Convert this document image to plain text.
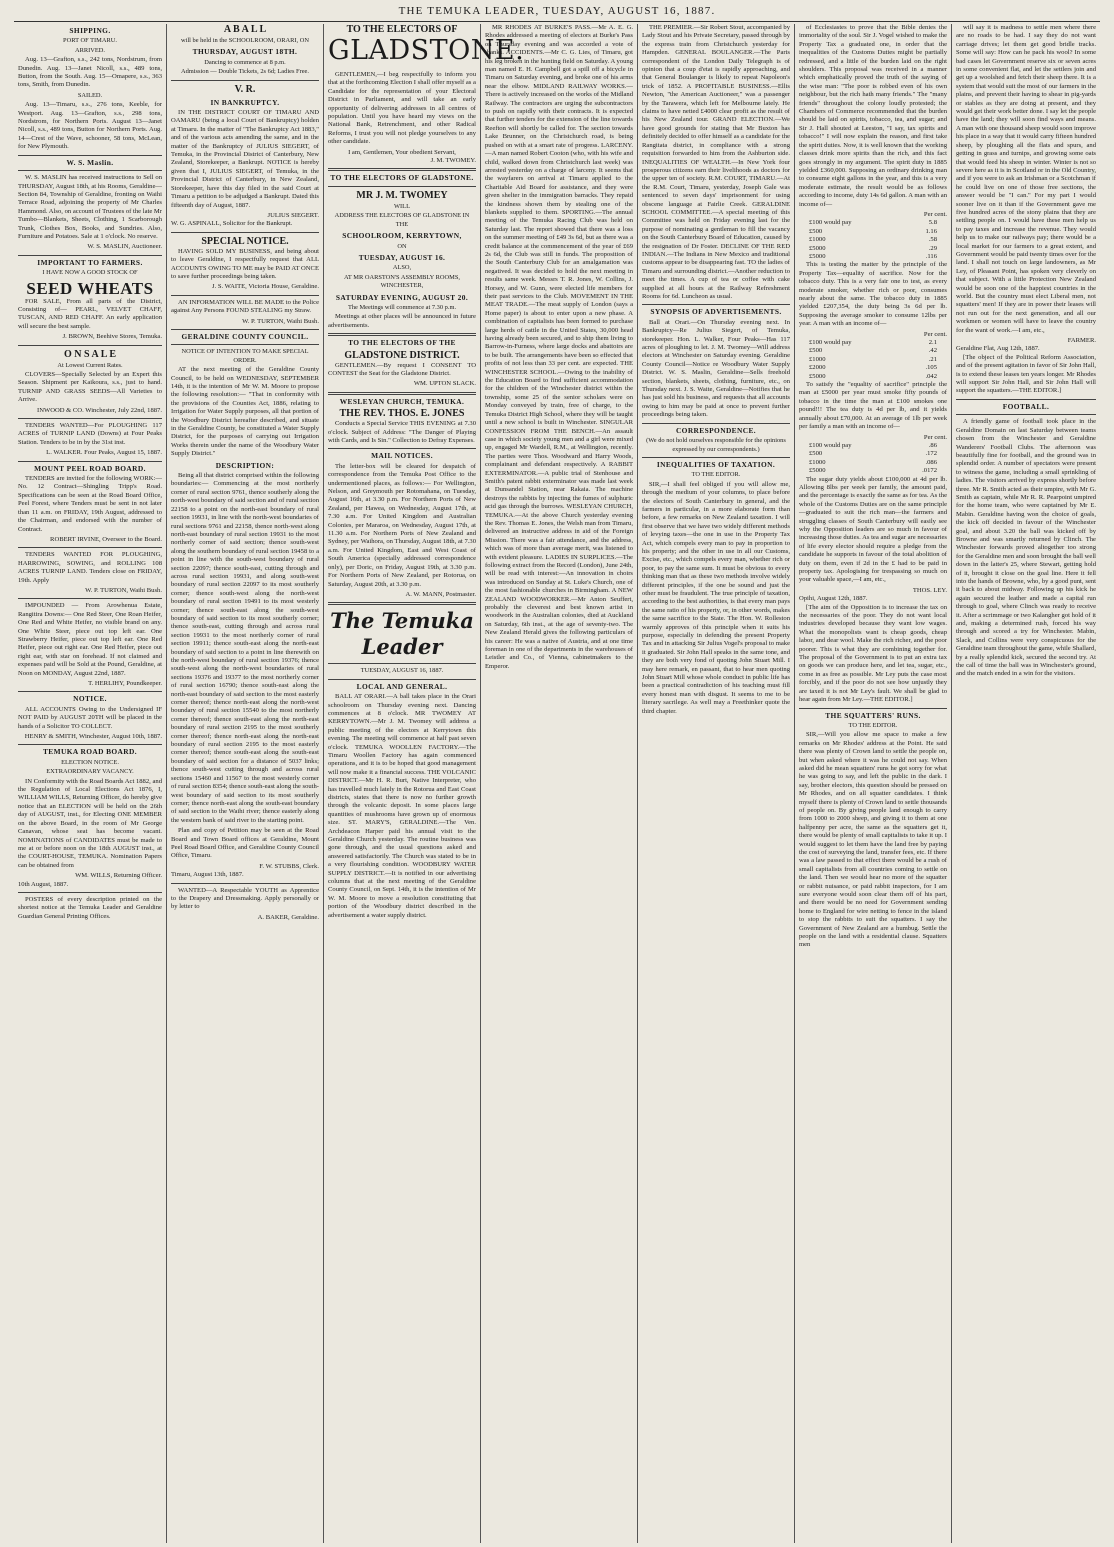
THE TEMUKA LEADER, TUESDAY, AUGUST 16, 1887.
SHIPPING.
PORT OF TIMARU.
ARRIVED.

Aug. 13—Grafton, s.s., 242 tons, Nordstrum, from Dunedin. Aug. 13—Janet Nicoll, s.s., 489 tons, Button, from the South. Aug. 15—Omapere, s.s., 363 tons, Smith, from Dunedin.

SAILED.

Aug. 13—Timaru, s.s., 276 tons, Keeble, for Westport. Aug. 13—Grafton, s.s., 298 tons, Nordstrom, for Northern Ports. August 13—Janet Nicoll, s.s., 489 tons, Button for Northern Ports. Aug. 14—Crest of the Wave, schooner, 58 tons, McLean, for New Plymouth.

W. S. Maslin.

W. S. MASLIN has received instructions to Sell on THURSDAY, August 18th, at his Rooms, Geraldine—Section 84, Township of Geraldine, fronting on Waihi Terrace Road, adjoining the property of Mr Charles Hammond. Also, on account of Trustees of the late Mr Tumbo—Blankets, Sheets, Clothing, 1 Scarborough Trunk, Clothes Box, Books, and Sundries. Also, Furniture and Potatoes. Sale at 1 o'clock. No reserve.

W. S. MASLIN, Auctioneer.
IMPORTANT TO FARMERS.
I HAVE NOW A GOOD STOCK OF
SEED WHEATS

FOR SALE, From all parts of the District, Consisting of— PEARL, VELVET CHAFF, TUSCAN, AND RED CHAFF. An early application will secure the best sample.

J. BROWN, Beehive Stores, Temuka.
O N S A L E
At Lowest Current Rates.

CLOVERS—Specially Selected by an Expert this Season. Shipment per Kaikoura, s.s., just to hand. TURNIP AND GRASS SEEDS—All Varieties to Arrive.

INWOOD & CO. Winchester, July 22nd, 1887.

TENDERS WANTED—For PLOUGHING 117 ACRES of TURNIP LAND (Downs) at Four Peaks Station. Tenders to be in by the 31st inst.

L. WALKER. Four Peaks, August 15, 1887.
MOUNT PEEL ROAD BOARD.

TENDERS are invited for the following WORK:— No. 12 Contract—Shingling Tripp's Road. Specifications can be seen at the Road Board Office, Peel Forest, where Tenders must be sent in not later than 11 a.m. on FRIDAY, 19th August, addressed to the Chairman, and endorsed with the number of Contract.

ROBERT IRVINE, Overseer to the Board.

TENDERS WANTED FOR PLOUGHING, HARROWING, SOWING, and ROLLING 108 ACRES TURNIP LAND. Tenders close on FRIDAY, 19th. Apply

W. P. TURTON, Waihi Bush.

IMPOUNDED — From Arowhenua Estate, Rangitira Downs:— One Red Steer, One Roan Heifer, One Red and White Heifer, no visible brand on any. One White Steer, piece out top left ear. One Strawberry Heifer, piece out top left ear. One Red Heifer, piece out right ear. One Red Heifer, piece out right ear, with star on forehead. If not claimed and expenses paid will be Sold at the Pound, Geraldine, at Noon on MONDAY, August 22nd, 1887.

T. HERLIHY, Poundkeeper.
NOTICE.

ALL ACCOUNTS Owing to the Undersigned IF NOT PAID by AUGUST 20TH will be placed in the hands of a Solicitor TO COLLECT.

HENRY & SMITH, Winchester, August 10th, 1887.
TEMUKA ROAD BOARD.
ELECTION NOTICE.
EXTRAORDINARY VACANCY.

IN Conformity with the Road Boards Act 1882, and the Regulation of Local Elections Act 1876, I, WILLIAM WILLS, Returning Officer, do hereby give notice that an ELECTION will be held on the 26th day of AUGUST, inst., for Electing ONE MEMBER on the above Board, in the room of Mr George Canavan, whose seat has become vacant. NOMINATIONS of CANDIDATES must be made to me at or before noon on the 18th AUGUST inst., at the COURT-HOUSE, TEMUKA. Nomination Papers can be obtained from

WM. WILLS, Returning Officer.
10th August, 1887.

POSTERS of every description printed on the shortest notice at the Temuka Leader and Geraldine Guardian General Printing Offices.

A B A L L
will be held in the SCHOOLROOM, ORARI, ON
THURSDAY, AUGUST 18TH.
Dancing to commence at 8 p.m.
Admission — Double Tickets, 2s 6d; Ladies Free.
V. R.
IN BANKRUPTCY.

IN THE DISTRICT COURT OF TIMARU AND OAMARU (being a local Court of Bankruptcy) holden at Timaru. In the matter of "The Bankruptcy Act 1883," and of the various acts amending the same, and in the matter of the Bankruptcy of JULIUS SIEGERT, of Temuka, in the Provincial District of Canterbury, New Zealand, Storekeeper, a Bankrupt. NOTICE is hereby given that I, JULIUS SIEGERT, of Temuka, in the Provincial District of Canterbury, in New Zealand, Storekeeper, have this day filed in the said Court at Timaru a petition to be adjudged a Bankrupt. Dated this fifteenth day of August, 1887.

JULIUS SIEGERT.
W. G. ASPINALL, Solicitor for the Bankrupt.
SPECIAL NOTICE.

HAVING SOLD MY BUSINESS, and being about to leave Geraldine, I respectfully request that ALL ACCOUNTS OWING TO ME may be PAID AT ONCE to save further proceedings being taken.

J. S. WAITE, Victoria House, Geraldine.

AN INFORMATION WILL BE MADE to the Police against Any Persons FOUND STEALING my Straw.

W. P. TURTON, Waihi Bush.
GERALDINE COUNTY COUNCIL.
NOTICE OF INTENTION TO MAKE SPECIAL ORDER.

AT the next meeting of the Geraldine County Council, to be held on WEDNESDAY, SEPTEMBER 14th, it is the intention of Mr W. M. Moore to propose the following resolution:— "That in conformity with the provisions of the Counties Act, 1886, relating to Irrigation for Water Supply purposes, all that portion of the Woodbury District hereafter described, and situate in the Geraldine County, be constituted a Water Supply District, for the purposes of carrying out Irrigation Works therein under the name of the Woodbury Water Supply District."

DESCRIPTION:

Being all that district comprised within the following boundaries:— Commencing at the most northerly corner of rural section 9761, thence southerly along the north-west boundary of said section and of rural section 22158 to a point on the north-east boundary of rural section 19931, in line with the north-west boundaries of rural sections 9761 and 22158, thence north-west along north-east boundary of rural section 19931 to the most northerly corner of said section; thence south-west along the southern boundary of rural section 19458 to a point in line with the south-west boundary of rural section 22097; thence south-east, cutting through and across rural section 19931, and along south-west boundary of rural section 22097 to its most southerly corner; thence south-west along the north-west boundary of rural section 19491 to its most westerly corner; thence south-east along the south-west boundary of said section to its most southerly corner; thence south-east, cutting through and across rural section 19931 to the most northerly corner of rural section 19911; thence south-east along the north-east boundary of said section to a point in line therewith on the north-west boundary of rural section 19376; thence south-west along the north-west boundaries of rural sections 19376 and 19377 to the most northerly corner of rural section 16790; thence south-east along the north-east boundary of said section to the most easterly corner thereof; thence north-east along the north-west boundary of rural section 15540 to the most northerly corner thereof; thence south-east along the north-east boundary of rural section 2195 to the most southerly corner thereof; thence north-east along the north-east boundary of rural section 2195 to the most easterly corner thereof; thence south-east along the south-east boundary of said section for a distance of 5037 links; thence south-west cutting through and across rural sections 15460 and 11567 to the most westerly corner of rural section 8354; thence south-east along the south-west boundary of said section to its most southerly corner; thence north-east along the south-east boundary of said section to the Waihi river; thence easterly along the western bank of said river to the starting point.

Plan and copy of Petition may be seen at the Road Board and Town Board offices at Geraldine, Mount Peel Road Board Office, and Geraldine County Council Office, Timaru.

F. W. STUBBS, Clerk.
Timaru, August 13th, 1887.

WANTED—A Respectable YOUTH as Apprentice to the Drapery and Dressmaking. Apply personally or by letter to

A. BAKER, Geraldine.
TO THE ELECTORS OF
GLADSTONE.

GENTLEMEN,—I beg respectfully to inform you that at the forthcoming Election I shall offer myself as a Candidate for the representation of your Electoral District in Parliament, and will take an early opportunity of delivering addresses in all centres of population. Until you have heard my views on the National Bank, Retrenchment, and other Radical Reforms, I trust you will not pledge yourselves to any other candidate.

I am, Gentlemen, Your obedient Servant,
J. M. TWOMEY.
TO THE ELECTORS OF GLADSTONE.
MR J. M. TWOMEY
WILL
ADDRESS THE ELECTORS OF GLADSTONE IN THE
SCHOOLROOM, KERRYTOWN,
ON
TUESDAY, AUGUST 16.
ALSO,
AT MR OARSTON'S ASSEMBLY ROOMS, WINCHESTER,
SATURDAY EVENING, AUGUST 20.
The Meetings will commence at 7.30 p.m.

Meetings at other places will be announced in future advertisements.

TO THE ELECTORS OF THE
GLADSTONE DISTRICT.

GENTLEMEN.—By request I CONSENT TO CONTEST the Seat for the Gladstone District.

WM. UPTON SLACK.
WESLEYAN CHURCH, TEMUKA.
THE REV. THOS. E. JONES

Conducts a Special Service THIS EVENING at 7.30 o'clock. Subject of Address: "The Danger of Playing with Cards, and Is Sin." Collection to Defray Expenses.

MAIL NOTICES.

The letter-box will be cleared for despatch of correspondence from the Temuka Post Office to the undermentioned places, as follows:— For Wellington, Nelson, and Greymouth per Rotomahana, on Tuesday, August 16th, at 3.30 p.m. For Northern Ports of New Zealand, per Hawea, on Wednesday, August 17th, at 7.30 a.m. For United Kingdom and Australian Colonies, per Mararoa, on Wednesday, August 17th, at 11.30 a.m. For Northern Ports of New Zealand and Sydney, per Waihora, on Thursday, August 18th, at 7.30 a.m. For United Kingdom, East and West Coast of South America (specially addressed correspondence only), per Doric, on Friday, August 19th, at 3.30 p.m. For Northern Ports of New Zealand, per Rotorua, on Saturday, August 20th, at 3.30 p.m.

A. W. MANN, Postmaster.
The Temuka Leader
TUESDAY, AUGUST 16, 1887.
LOCAL AND GENERAL.

BALL AT ORARI.—A ball takes place in the Orari schoolroom on Thursday evening next. Dancing commences at 8 o'clock. MR TWOMEY AT KERRYTOWN.—Mr J. M. Twomey will address a public meeting of the electors at Kerrytown this evening. The meeting will commence at half past seven o'clock. TEMUKA WOOLLEN FACTORY.—The Timaru Woollen Factory has again commenced operations, and it is to be hoped that good management will now make it a financial success. THE VOLCANIC DISTRICT.—Mr H. R. Burt, Native Interpreter, who has travelled much lately in the Rotorua and East Coast districts, states that there is now no further growth through the volcanic deposit. In some places large quantities of mushrooms have grown up of enormous size. ST. MARY'S, GERALDINE.—The Ven. Archdeacon Harper paid his annual visit to the Geraldine Church yesterday. The routine business was gone through, and the usual questions asked and answered satisfactorily. The Church was stated to be in a very flourishing condition. WOODBURY WATER SUPPLY DISTRICT.—It is notified in our advertising columns that at the next meeting of the Geraldine County Council, on Sept. 14th, it is the intention of Mr W. M. Moore to move a resolution constituting that portion of the Woodbury district described in the advertisement a water supply district.

MR RHODES AT BURKE'S PASS.—Mr A. E. G. Rhodes addressed a meeting of electors at Burke's Pass on Thursday evening and was accorded a vote of thanks. ACCIDENTS.—Mr C. G. Lies, of Timaru, got his leg broken in the hunting field on Saturday. A young man named E. H. Campbell got a spill off a bicycle in Timaru on Saturday evening, and broke one of his arms near the elbow. MIDLAND RAILWAY WORKS.—There is actively increased on the works of the Midland Railway. The contractors are urging the subcontractors to push on rapidly with their contracts. It is expected that further tenders for the extension of the line towards Reefton will shortly be called for. The section towards Lake Brunner, on the Christchurch road, is being pushed on with at a smart rate of progress. LARCENY.—A man named Robert Cooton (who, with his wife and child, walked down from Christchurch last week) was arrested yesterday on a charge of larceny. It seems that the wayfarers on arrival at Timaru applied to the Charitable Aid Board for assistance, and they were given shelter in the immigration barracks. They repaid the kindness shown them by stealing one of the blankets supplied to them. SPORTING.—The annual meeting of the Temuka Racing Club was held on Saturday last. The report showed that there was a loss on the summer meeting of £49 3s 6d, but as there was a credit balance at the commencement of the year of £69 2s 6d, the Club was still in funds. The proposition of the South Canterbury Club for an amalgamation was negatived. It was decided to hold the next meeting in results same week. Messrs T. R. Jones, W. Collins, J. Horsey, and W. Gunn, were elected life members for their past services to the Club. MOVEMENT IN THE MEAT TRADE.—The meat supply of London (says a Home paper) is about to enter upon a new phase. A combination of capitalists has been formed to purchase large herds of cattle in the United States, 30,000 head having already been secured, and to ship them living to Barrow-in-Furness, where large docks and abattoirs are to be built. The arrangements have been so effected that profits of not less than 33 per cent. are expected. THE WINCHESTER SCHOOL.—Owing to the inability of the Education Board to find sufficient accommodation for the children of the Winchester district within the township, some 25 of the senior scholars were on Monday conveyed by train, free of charge, to the Temuka District High School, where they will be taught until a new school is built in Winchester. SINGULAR CONFESSION FROM THE BENCH.—An assault case in which society young men and a girl were mixed up, engaged Mr Wardell, R.M., at Wellington, recently. The parties were Thos. Woodward and Harry Woods, complainant and defendant respectively. A RABBIT EXTERMINATOR.—A public trial of Stenhouse and Smith's patent rabbit exterminator was made last week at Dunsandel Station, near Rakaia. The machine destroys the rabbits by injecting the fumes of sulphuric acid gas through the burrows. WESLEYAN CHURCH, TEMUKA.—At the above Church yesterday evening the Rev. Thomas E. Jones, the Welsh man from Timaru, delivered an instructive address in aid of the Foreign Mission. There was a fair attendance, and the address, which was of more than average merit, was listened to with evident pleasure. LADIES IN SURPLICES.—The following extract from the Record (London), June 24th, will be read with interest:—An innovation in choirs was introduced on Sunday at St. Luke's Church, one of the most fashionable churches in Birmingham. A NEW ZEALAND WOODWORKER.—Mr Anton Seuffert, probably the cleverest and best known artist in woodwork in the Australian colonies, died at Auckland on Saturday, 6th inst., at the age of seventy-two. The New Zealand Herald gives the following particulars of his career: He was a native of Austria, and at one time foreman in one of the departments in the warehouses of Leistler and Co., of Vienna, cabinetmakers to the Emperor.

THE PREMIER.—Sir Robert Stout, accompanied by Lady Stout and his Private Secretary, passed through by the express train from Christchurch yesterday for Hampden. GENERAL BOULANGER.—The Paris correspondent of the London Daily Telegraph is of opinion that a coup d'etat is rapidly approaching, and that General Boulanger is likely to repeat Napoleon's trick of 1852. A PROFITABLE BUSINESS.—Ellis Newton, "the American Auctioneer," was a passenger by the Tarawera, which left for Melbourne lately. He claims to have netted £4000 clear profit as the result of his New Zealand tour. GRAND ELECTION.—We have good grounds for stating that Mr Buxton has definitely decided to offer himself as a candidate for the Rangitata district, in compliance with a strong requisition forwarded to him from the Ashburton side. INEQUALITIES OF WEALTH.—In New York four prosperous citizens earn their livelihoods as doctors for the upper ten of society. R.M. COURT, TIMARU.—At the R.M. Court, Timaru, yesterday, Joseph Gale was sentenced to seven days' imprisonment for using obscene language at Fairlie Creek. GERALDINE SCHOOL COMMITTEE.—A special meeting of this Committee was held on Friday evening last for the purpose of nominating a gentleman to fill the vacancy on the South Canterbury Board of Education, caused by the resignation of Dr Foster. DECLINE OF THE RED INDIAN.—The Indians in New Mexico and traditional customs appear to be disappearing fast. TO the ladies of Timaru and surrounding district.—Another reduction to meet the times. A cup of tea or coffee with cake supplied at all hours at the Railway Refreshment Rooms for 6d. Luncheon as usual.

SYNOPSIS OF ADVERTISEMENTS.

Ball at Orari.—On Thursday evening next. In Bankruptcy—Re Julius Siegert, of Temuka, storekeeper. Hon. L. Walker, Four Peaks—Has 117 acres of ploughing to let. J. M. Twomey—Will address electors at Winchester on Saturday evening. Geraldine County Council—Notice re Woodbury Water Supply District. W. S. Maslin, Geraldine—Sells freehold section, blankets, sheets, clothing, furniture, etc., on Thursday next. J. S. Waite, Geraldine—Notifies that he has just sold his business, and requests that all accounts owing to him may be paid at once to prevent further proceedings being taken.

CORRESPONDENCE.
(We do not hold ourselves responsible for the opinions expressed by our correspondents.)
INEQUALITIES OF TAXATION.
TO THE EDITOR.

SIR,—I shall feel obliged if you will allow me, through the medium of your columns, to place before the electors of South Canterbury in general, and the farmers in particular, in a more elaborate form than before, a few remarks on New Zealand taxation. I will first observe that we have two widely different methods of levying taxes—the one in use in the Property Tax Act, which compels every man to pay in proportion to his property; and the other in use in all our Customs, Excise, etc., which compels every man, whether rich or poor, to pay the same sum. It must be obvious to every thinking man that as these two methods involve widely different principles, if the one be sound and just the other must be fraudulent. The true principle of taxation, according to the best authorities, is that every man pays the same ratio of his property, or, in other words, makes the same sacrifice to the State. The Hon. W. Rolleston warmly approves of this principle when it suits his purpose, especially in defending the present Property Tax and in attacking Sir Julius Vogel's proposal to make it graduated. Sir John Hall speaks in the same tone, and they are both very fond of quoting John Stuart Mill. I may here remark, en passant, that to hear men quoting John Stuart Mill whose whole conduct in public life has been a practical contradiction of his teaching must fill every honest man with disgust. It seems to me to be literary sacrilege. As well may a Freethinker quote the third chapter.

of Ecclesiastes to prove that the Bible denies the immortality of the soul. Sir J. Vogel wished to make the Property Tax a graduated one, in order that the inequalities of the Customs Duties might be partially redressed, and a little of the burden laid on the right shoulders. This proposal was received in a manner which emphatically proved the truth of the saying of the wise man: "The poor is robbed even of his own neighbour, but the rich hath many friends." The "many friends" throughout the colony loudly protested; the Chambers of Commerce recommended that the burden should be laid on spirits, tobacco, tea, and sugar; and Sir J. Hall shouted at Leeston, "I say, tax spirits and tobacco!" I will now explain the reason, and first take the spirit duties. Now, it is well known that the working classes drink more spirits than the rich, and this fact goes strongly in my argument. The spirit duty in 1885 yielded £360,000. Supposing an ordinary drinking man to consume eight gallons in the year, and this is a very moderate estimate, the result would be as follows according to income, duty 14s 6d gallon. A man with an income of—

Per cent.
£100 would pay	5.8
£500	1.16
£1000	.58
£5000	.29
£5000	.116

This is testing the matter by the principle of the Property Tax—equality of sacrifice. Now for the tobacco duty. This is a very fair one to test, as every moderate smoker, whether rich or poor, consumes nearly about the same. The tobacco duty in 1885 yielded £207,354, the duty being 3s 6d per lb. Supposing the average smoker to consume 12lbs per year. A man with an income of—

Per cent.
£100 would pay	2.1
£500	.42
£1000	.21
£2000	.105
£5000	.042

To satisfy the "equality of sacrifice" principle the man at £5000 per year must smoke fifty pounds of tobacco in the time the man at £100 smokes one pound!!! The tea duty is 4d per lb, and it yields annually about £70,000. At an average of 1lb per week per family a man with an income of—

Per cent.
£100 would pay	.86
£500	.172
£1000	.086
£5000	.0172

The sugar duty yields about £100,000 at 4d per lb. Allowing 8lbs per week per family, the amount paid, and the percentage is exactly the same as for tea. As the whole of the Customs Duties are on the same principle—graduated to suit the rich man—the farmers and struggling classes of South Canterbury will easily see why the Opposition leaders are so much in favour of increasing those duties. As tea and sugar are necessaries of life every elector should require a pledge from the candidate he supports in favour of the total abolition of duty on them, even if 2d in the £ had to be paid in property tax. Apologising for trespassing so much on your valuable space,—I am, etc.,

THOS. LEY.
Opihi, August 12th, 1887.

[The aim of the Opposition is to increase the tax on the necessaries of the poor. They do not want local industries developed because they want low wages. What the monopolists want is cheap goods, cheap labor, and dear wool. Make the rich richer, and the poor poorer. This is what they are combining together for. The proposal of the Government is to put an extra tax on goods we can produce here, and let tea, sugar, etc., come in as free as possible. Mr Ley puts the case most forcibly, and if the poor do not see how unjustly they are taxed it is not Mr Ley's fault. We shall be glad to hear again from Mr Ley.—THE EDITOR.]

THE SQUATTERS' RUNS.
TO THE EDITOR.

SIR,—Will you allow me space to make a few remarks on Mr Rhodes' address at the Point. He said there was plenty of Crown land to settle the people on, but when asked where it was he could not say. When asked did he mean squatters' runs he got sorry for what he was going to say, and left the public in the dark. I say, brother electors, this question should be pressed on Mr Rhodes, and on all squatter candidates. I think myself there is plenty of Crown land to settle thousands of people on. By giving people land enough to carry from 1000 to 2000 sheep, and giving it to them at one halfpenny per acre, the same as the squatters get it, there would be plenty of small capitalists to take it up. I would suggest to let them have the land free by paying the cost of surveying the land, transfer fees, etc. If there was a law passed to that effect there would be a rush of small capitalists from all countries coming to settle on the land. Then we would hear no more of the squatter or rabbit nuisance, or paid rabbit inspectors, for I am sure everyone would soon clear them off of his part, and there would be no need for Government sending home to England for wire netting to fence in the island to stop the rabbits to suit the squatters. I say the Government of New Zealand are a humbug. Settle the people on the land with a residential clause. Squatters men

will say it is madness to settle men where there are no roads to be had. I say they do not want carriage drives; let them get good bridle tracks. Some will say: How can he pack his wool? In some bad cases let Government reserve six or seven acres in some convenient flat, and let the settlers join and get up a woolshed and fetch their sheep there. It is a system that would suit the most of our farmers in the plains, and prevent their having to shear in pig-yards or stables as they are doing at present, and they would get their work better done. I say let the people have the land; they will soon find ways and means. A man with one thousand sheep would soon improve his place in a way that it would carry fifteen hundred sheep, by ploughing all the flats and spurs, and getting in grass and turnips, and growing some oats that would feed his sheep in winter. Winter is not so severe here as it is in Scotland or in the Old Country, and if you were to ask an Irishman or a Scotchman if he could live on one of those free sections, the answer would be "I can." For my part I would sooner live on it than if the Government gave me five hundred acres of the stony plains that they are settling people on. I would have these men help us to pay taxes and increase the revenue. They would help us to make our railways pay; there would be a local market for our farmers to a great extent, and Government would be paid twenty times over for the land. I shall not touch on large landowners, as Mr Ley, of Pleasant Point, has spoken very cleverly on that subject. With a little Protection New Zealand would be soon one of the happiest countries in the world. But the country must elect Liberal men, not squatters' men! If they are in power their leases will not run out for the next generation, and all our workmen or women will have to leave the country for the want of work.—I am, etc.,

FARMER.
Geraldine Flat, Aug 12th, 1887.

[The object of the Political Reform Association, and of the present agitation in favor of Sir John Hall, is to extend these leases ten years longer. Mr Rhodes will support Sir John Hall, and Sir John Hall will support the squatters.—THE EDITOR.]

FOOTBALL.

A friendly game of football took place in the Geraldine Domain on last Saturday between teams chosen from the Winchester and Geraldine Wanderers' Football Clubs. The afternoon was beautifully fine for football, and the ground was in splendid order. A number of spectators were present to witness the game, including a small sprinkling of ladies. The visitors arrived by express shortly before three. Mr R. Smith acted as their umpire, with Mr G. Smith as captain, while Mr R. R. Pearpoint umpired for the home team, who were captained by Mr E. Mabin. Geraldine having won the choice of goals, the kick off decided in favour of the Winchester goal, and about 3.20 the ball was kicked off by Browne and was smartly returned by Clinch. The Winchester forwards proved altogether too strong for the Geraldine men and soon brought the ball well down in the latter's 25, where Stewart, getting hold of it, brought it close on the goal line. Here it fell into the hands of Browne, who, by a good punt, sent it back to about midway. Following up his kick he again secured the leather and made a capital run through to goal, where Clinch was ready to receive it. After a scrimmage or two Kalangher got hold of it and, making a determined rush, forced his way through and scored a try for Winchester. Mabin, Slack, and Collins were very conspicuous for the Geraldine team throughout the game, while Shallard, by a really splendid kick, secured the second try. At the call of time the ball was in Winchester's ground, and the match ended in a win for the visitors.
